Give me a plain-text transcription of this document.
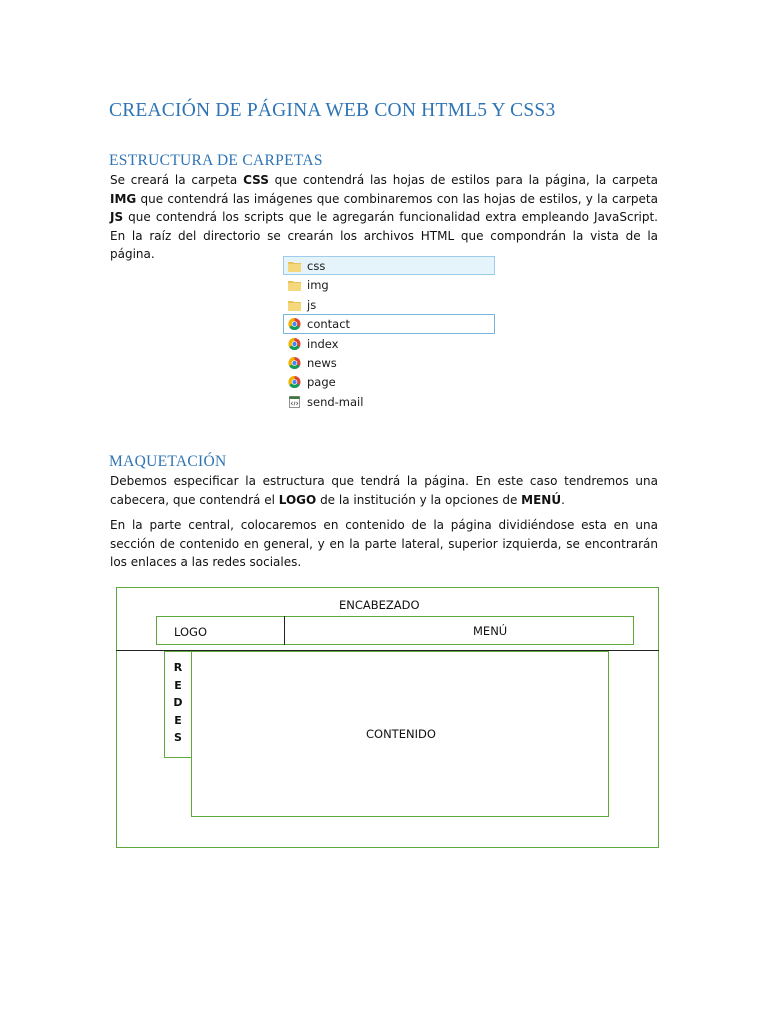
CREACIÓN DE PÁGINA WEB CON HTML5 Y CSS3
ESTRUCTURA DE CARPETAS
Se creará la carpeta CSS que contendrá las hojas de estilos para la página, la carpeta IMG que contendrá las imágenes que combinaremos con las hojas de estilos, y la carpeta JS que contendrá los scripts que le agregarán funcionalidad extra empleando JavaScript. En la raíz del directorio se crearán los archivos HTML que compondrán la vista de la página.
css
img
js
contact
index
news
page
send-mail
MAQUETACIÓN
Debemos especificar la estructura que tendrá la página. En este caso tendremos una cabecera, que contendrá el LOGO de la institución y la opciones de MENÚ.
En la parte central, colocaremos en contenido de la página dividiéndose esta en una sección de contenido en general, y en la parte lateral, superior izquierda, se encontrarán los enlaces a las redes sociales.
ENCABEZADO
LOGO	MENÚ
CONTENIDO
R
E
D
E
S
